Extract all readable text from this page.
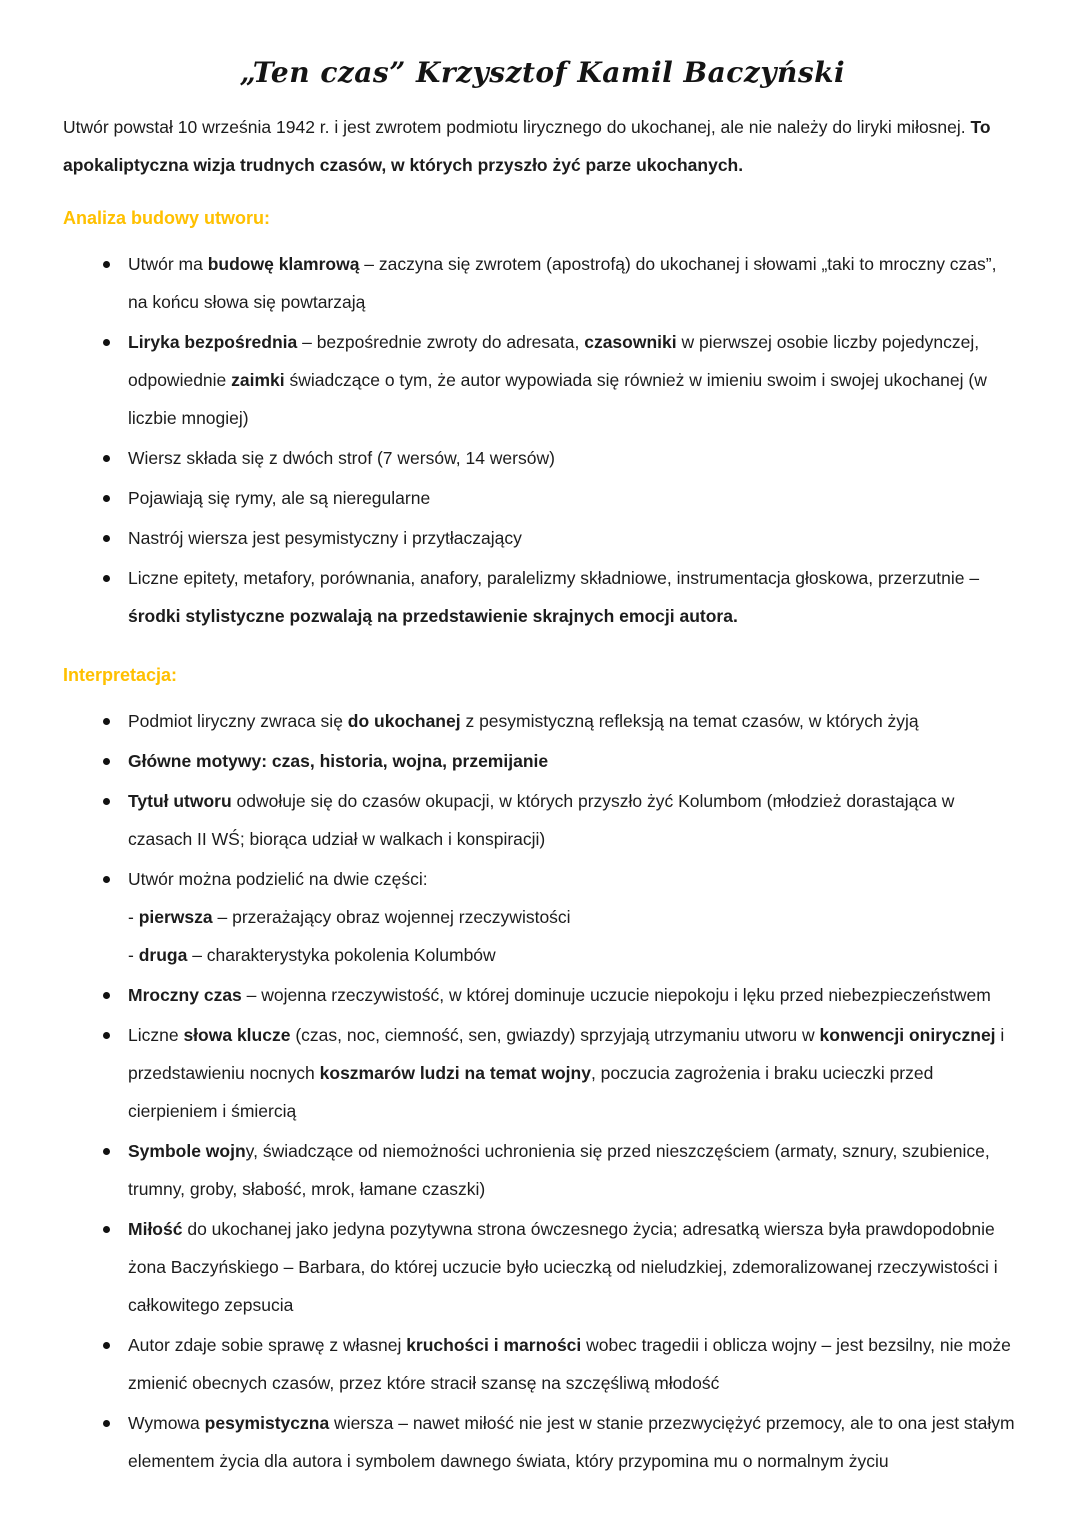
„Ten czas” Krzysztof Kamil Baczyński

Utwór powstał 10 września 1942 r. i jest zwrotem podmiotu lirycznego do ukochanej, ale nie należy do liryki miłosnej. To apokaliptyczna wizja trudnych czasów, w których przyszło żyć parze ukochanych.

Analiza budowy utworu:
Utwór ma budowę klamrową – zaczyna się zwrotem (apostrofą) do ukochanej i słowami „taki to mroczny czas”, na końcu słowa się powtarzają
Liryka bezpośrednia – bezpośrednie zwroty do adresata, czasowniki w pierwszej osobie liczby pojedynczej, odpowiednie zaimki świadczące o tym, że autor wypowiada się również w imieniu swoim i swojej ukochanej (w liczbie mnogiej)
Wiersz składa się z dwóch strof (7 wersów, 14 wersów)
Pojawiają się rymy, ale są nieregularne
Nastrój wiersza jest pesymistyczny i przytłaczający
Liczne epitety, metafory, porównania, anafory, paralelizmy składniowe, instrumentacja głoskowa, przerzutnie – środki stylistyczne pozwalają na przedstawienie skrajnych emocji autora.
Interpretacja:
Podmiot liryczny zwraca się do ukochanej z pesymistyczną refleksją na temat czasów, w których żyją
Główne motywy: czas, historia, wojna, przemijanie
Tytuł utworu odwołuje się do czasów okupacji, w których przyszło żyć Kolumbom (młodzież dorastająca w czasach II WŚ; biorąca udział w walkach i konspiracji)
Utwór można podzielić na dwie części:
- pierwsza – przerażający obraz wojennej rzeczywistości
- druga – charakterystyka pokolenia Kolumbów
Mroczny czas – wojenna rzeczywistość, w której dominuje uczucie niepokoju i lęku przed niebezpieczeństwem
Liczne słowa klucze (czas, noc, ciemność, sen, gwiazdy) sprzyjają utrzymaniu utworu w konwencji onirycznej i przedstawieniu nocnych koszmarów ludzi na temat wojny, poczucia zagrożenia i braku ucieczki przed cierpieniem i śmiercią
Symbole wojny, świadczące od niemożności uchronienia się przed nieszczęściem (armaty, sznury, szubienice, trumny, groby, słabość, mrok, łamane czaszki)
Miłość do ukochanej jako jedyna pozytywna strona ówczesnego życia; adresatką wiersza była prawdopodobnie żona Baczyńskiego – Barbara, do której uczucie było ucieczką od nieludzkiej, zdemoralizowanej rzeczywistości i całkowitego zepsucia
Autor zdaje sobie sprawę z własnej kruchości i marności wobec tragedii i oblicza wojny – jest bezsilny, nie może zmienić obecnych czasów, przez które stracił szansę na szczęśliwą młodość
Wymowa pesymistyczna wiersza – nawet miłość nie jest w stanie przezwyciężyć przemocy, ale to ona jest stałym elementem życia dla autora i symbolem dawnego świata, który przypomina mu o normalnym życiu
